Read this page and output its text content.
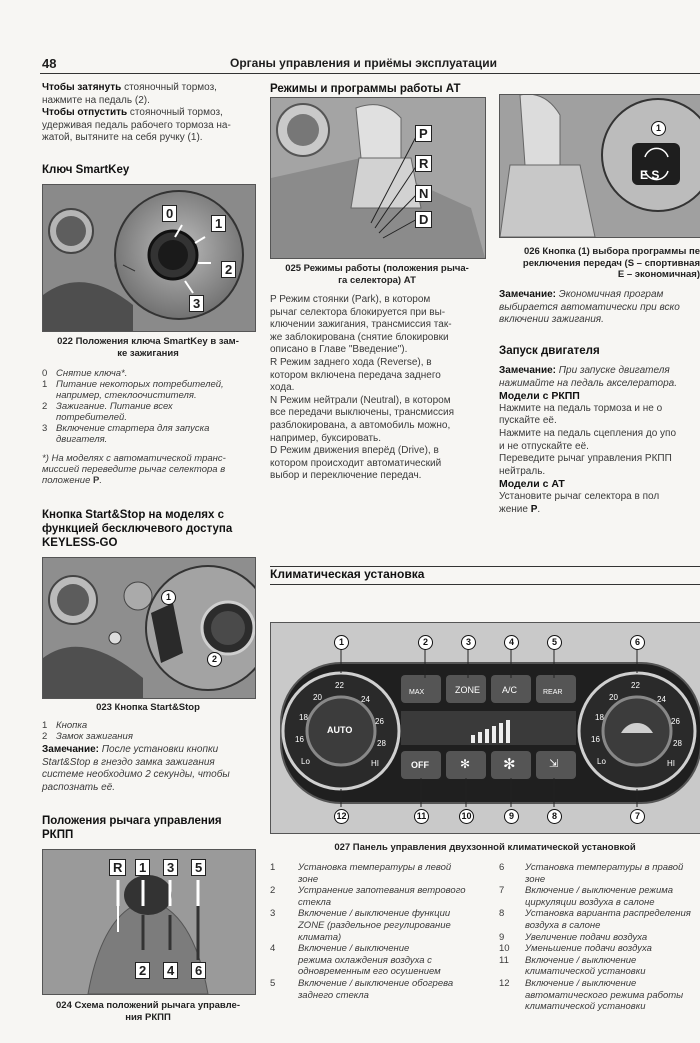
48	Органы управления и приёмы эксплуатации
Чтобы затянуть стояночный тормоз,
нажмите на педаль (2).
Чтобы отпустить стояночный тормоз,
удерживая педаль рабочего тормоза на-
жатой, вытяните на себя ручку (1).
Ключ SmartKey
0
1
2
3
022 Положения ключа SmartKey в зам-
ке зажигания
0 Снятие ключа*.
1 Питание некоторых потребителей,
например, стеклоочистителя.
2 Зажигание. Питание всех
потребителей.
3 Включение стартера для запуска
двигателя.
*) На моделях с автоматической транс-
миссией переведите рычаг селектора в
положение P.
Кнопка Start&Stop на моделях с
функцией бесключевого доступа
KEYLESS-GO
1
2
023 Кнопка Start&Stop
1 Кнопка
2 Замок зажигания
Замечание: После установки кнопки
Start&Stop в гнездо замка зажигания
системе необходимо 2 секунды, чтобы
распознать её.
Положения рычага управления
РКПП
R	1	3	5
2	4	6
024 Схема положений рычага управле-
ния РКПП
Режимы и программы работы АТ
P
R
N
D
025 Режимы работы (положения рыча-
га селектора) АТ
P Режим стоянки (Park), в котором
рычаг селектора блокируется при вы-
ключении зажигания, трансмиссия так-
же заблокирована (снятие блокировки
описано в Главе "Введение").
R Режим заднего хода (Reverse), в
котором включена передача заднего
хода.
N Режим нейтрали (Neutral), в котором
все передачи выключены, трансмиссия
разблокирована, а автомобиль можно,
например, буксировать.
D Режим движения вперёд (Drive), в
котором происходит автоматический
выбор и переключение передач.
1
E S
026 Кнопка (1) выбора программы пе
реключения передач (S – спортивная
E – экономичная)
Замечание: Экономичная програм
выбирается автоматически при вско
включении зажигания.
Запуск двигателя
Замечание: При запуске двигателя
нажимайте на педаль акселератора.
Модели с РКПП
Нажмите на педаль тормоза и не о
пускайте её.
Нажмите на педаль сцепления до упо
и не отпускайте её.
Переведите рычаг управления РКПП
нейтраль.
Модели с АТ
Установите рычаг селектора в пол
жение P.
Климатическая установка
22
20
18
16
Lo	HI
28
26
24
AUTO
22
20
18
16
Lo	HI
28
26
24
MAX	ZONE A/C	REAR
OFF	✻ ✻	⇲
1	2	3	4	5	6
12	11	10	9	8	7
027 Панель управления двухзонной климатической установкой
1 Установка температуры в левой
зоне
2 Устранение запотевания ветрового
стекла
3 Включение / выключение функции
ZONE (раздельное регулирование
климата)
4 Включение / выключение
режима охлаждения воздуха с
одновременным его осушением
5 Включение / выключение обогрева
заднего стекла
6 Установка температуры в правой
зоне
7 Включение / выключение режима
циркуляции воздуха в салоне
8 Установка варианта распределения
воздуха в салоне
9 Увеличение подачи воздуха
10 Уменьшение подачи воздуха
11 Включение / выключение
климатической установки
12 Включение / выключение
автоматического режима работы
климатической установки
